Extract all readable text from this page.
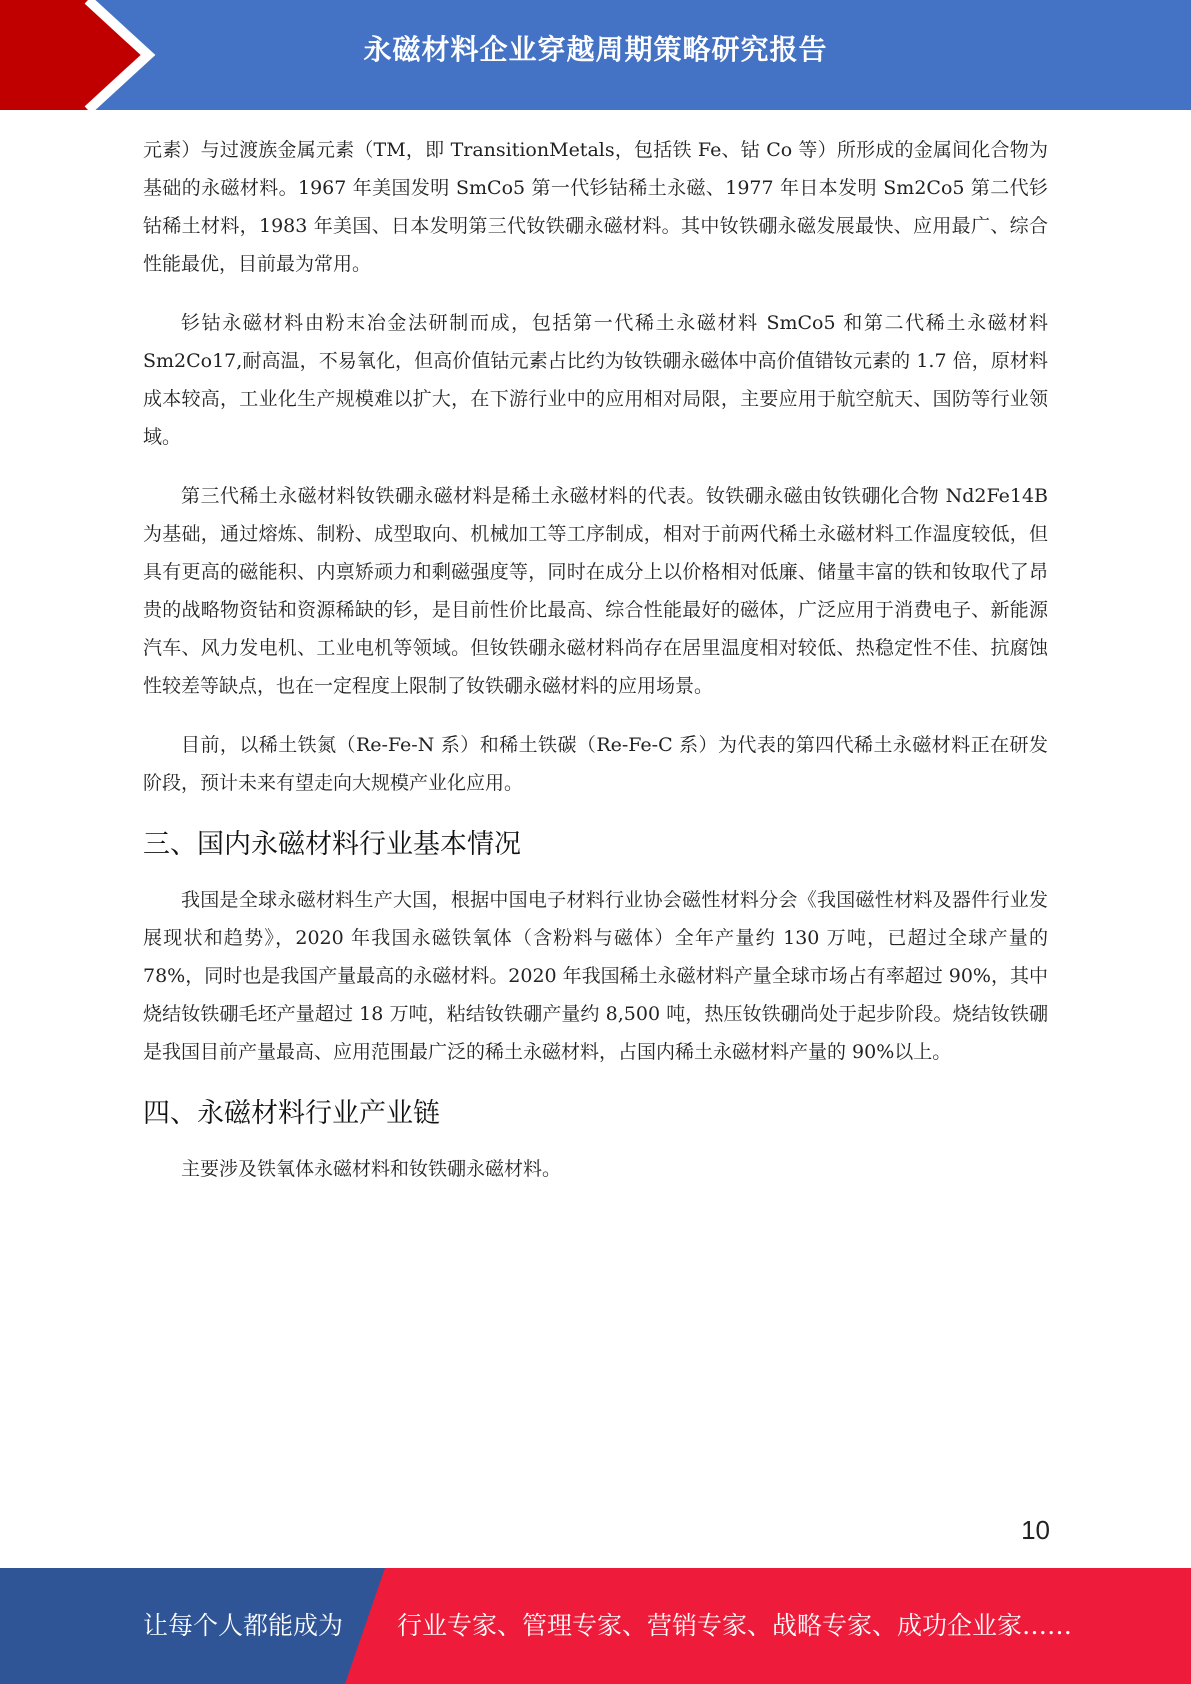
永磁材料企业穿越周期策略研究报告

元素）与过渡族金属元素（TM，即 TransitionMetals，包括铁 Fe、钴 Co 等）所形成的金属间化合物为基础的永磁材料。1967 年美国发明 SmCo5 第一代钐钴稀土永磁、1977 年日本发明 Sm2Co5 第二代钐钴稀土材料，1983 年美国、日本发明第三代钕铁硼永磁材料。其中钕铁硼永磁发展最快、应用最广、综合性能最优，目前最为常用。

钐钴永磁材料由粉末冶金法研制而成，包括第一代稀土永磁材料 SmCo5 和第二代稀土永磁材料 Sm2Co17,耐高温，不易氧化，但高价值钴元素占比约为钕铁硼永磁体中高价值错钕元素的 1.7 倍，原材料成本较高，工业化生产规模难以扩大，在下游行业中的应用相对局限，主要应用于航空航天、国防等行业领域。

第三代稀土永磁材料钕铁硼永磁材料是稀土永磁材料的代表。钕铁硼永磁由钕铁硼化合物 Nd2Fe14B 为基础，通过熔炼、制粉、成型取向、机械加工等工序制成，相对于前两代稀土永磁材料工作温度较低，但具有更高的磁能积、内禀矫顽力和剩磁强度等，同时在成分上以价格相对低廉、储量丰富的铁和钕取代了昂贵的战略物资钴和资源稀缺的钐，是目前性价比最高、综合性能最好的磁体，广泛应用于消费电子、新能源汽车、风力发电机、工业电机等领域。但钕铁硼永磁材料尚存在居里温度相对较低、热稳定性不佳、抗腐蚀性较差等缺点，也在一定程度上限制了钕铁硼永磁材料的应用场景。

目前，以稀土铁氮（Re-Fe-N 系）和稀土铁碳（Re-Fe-C 系）为代表的第四代稀土永磁材料正在研发阶段，预计未来有望走向大规模产业化应用。

三、国内永磁材料行业基本情况

我国是全球永磁材料生产大国，根据中国电子材料行业协会磁性材料分会《我国磁性材料及器件行业发展现状和趋势》，2020 年我国永磁铁氧体（含粉料与磁体）全年产量约 130 万吨，已超过全球产量的 78%，同时也是我国产量最高的永磁材料。2020 年我国稀土永磁材料产量全球市场占有率超过 90%，其中烧结钕铁硼毛坯产量超过 18 万吨，粘结钕铁硼产量约 8,500 吨，热压钕铁硼尚处于起步阶段。烧结钕铁硼是我国目前产量最高、应用范围最广泛的稀土永磁材料，占国内稀土永磁材料产量的 90%以上。

四、永磁材料行业产业链

主要涉及铁氧体永磁材料和钕铁硼永磁材料。

10
让每个人都能成为 行业专家、管理专家、营销专家、战略专家、成功企业家……
